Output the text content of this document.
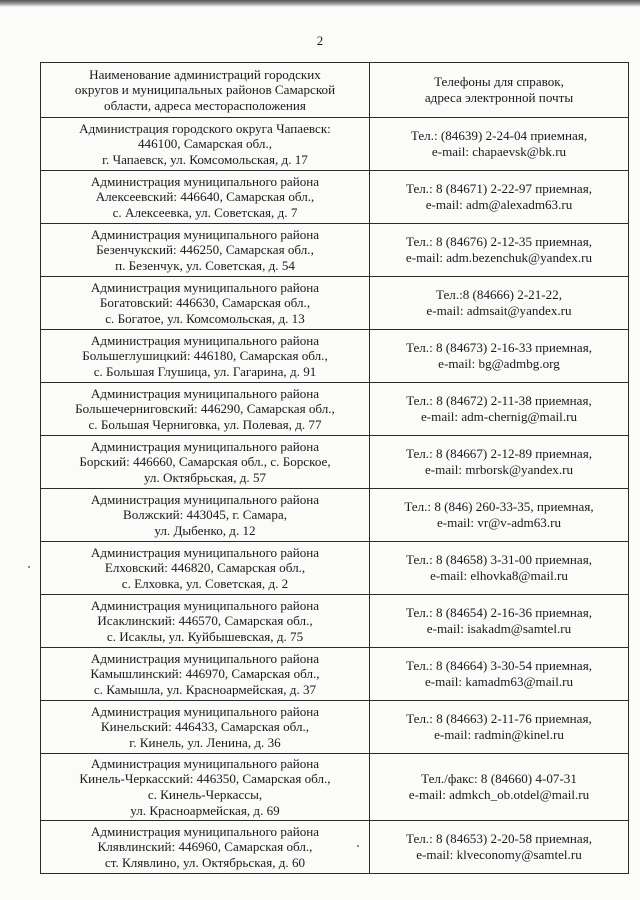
2
Наименование администраций городских
округов и муниципальных районов Самарской
области, адреса месторасположения	Телефоны для справок,
адреса электронной почты
Администрация городского округа Чапаевск:
446100, Самарская обл.,
г. Чапаевск, ул. Комсомольская, д. 17	Тел.: (84639) 2-24-04 приемная,
e-mail: chapaevsk@bk.ru
Администрация муниципального района
Алексеевский: 446640, Самарская обл.,
с. Алексеевка, ул. Советская, д. 7	Тел.: 8 (84671) 2-22-97 приемная,
e-mail: adm@alexadm63.ru
Администрация муниципального района
Безенчукский: 446250, Самарская обл.,
п. Безенчук, ул. Советская, д. 54	Тел.: 8 (84676) 2-12-35 приемная,
e-mail: adm.bezenchuk@yandex.ru
Администрация муниципального района
Богатовский: 446630, Самарская обл.,
с. Богатое, ул. Комсомольская, д. 13	Тел.:8 (84666) 2-21-22,
e-mail: admsait@yandex.ru
Администрация муниципального района
Большеглушицкий: 446180, Самарская обл.,
с. Большая Глушица, ул. Гагарина, д. 91	Тел.: 8 (84673) 2-16-33 приемная,
e-mail: bg@admbg.org
Администрация муниципального района
Большечерниговский: 446290, Самарская обл.,
с. Большая Черниговка, ул. Полевая, д. 77	Тел.: 8 (84672) 2-11-38 приемная,
e-mail: adm-chernig@mail.ru
Администрация муниципального района
Борский: 446660, Самарская обл., с. Борское,
ул. Октябрьская, д. 57	Тел.: 8 (84667) 2-12-89 приемная,
e-mail: mrborsk@yandex.ru
Администрация муниципального района
Волжский: 443045, г. Самара,
ул. Дыбенко, д. 12	Тел.: 8 (846) 260-33-35, приемная,
e-mail: vr@v-adm63.ru
Администрация муниципального района
Елховский: 446820, Самарская обл.,
с. Елховка, ул. Советская, д. 2	Тел.: 8 (84658) 3-31-00 приемная,
e-mail: elhovka8@mail.ru
Администрация муниципального района
Исаклинский: 446570, Самарская обл.,
с. Исаклы, ул. Куйбышевская, д. 75	Тел.: 8 (84654) 2-16-36 приемная,
e-mail: isakadm@samtel.ru
Администрация муниципального района
Камышлинский: 446970, Самарская обл.,
с. Камышла, ул. Красноармейская, д. 37	Тел.: 8 (84664) 3-30-54 приемная,
e-mail: kamadm63@mail.ru
Администрация муниципального района
Кинельский: 446433, Самарская обл.,
г. Кинель, ул. Ленина, д. 36	Тел.: 8 (84663) 2-11-76 приемная,
e-mail: radmin@kinel.ru
Администрация муниципального района
Кинель-Черкасский: 446350, Самарская обл.,
с. Кинель-Черкассы,
ул. Красноармейская, д. 69	Тел./факс: 8 (84660) 4-07-31
e-mail: admkch_ob.otdel@mail.ru
Администрация муниципального района
Клявлинский: 446960, Самарская обл.,
ст. Клявлино, ул. Октябрьская, д. 60	Тел.: 8 (84653) 2-20-58 приемная,
e-mail: klveconomy@samtel.ru
